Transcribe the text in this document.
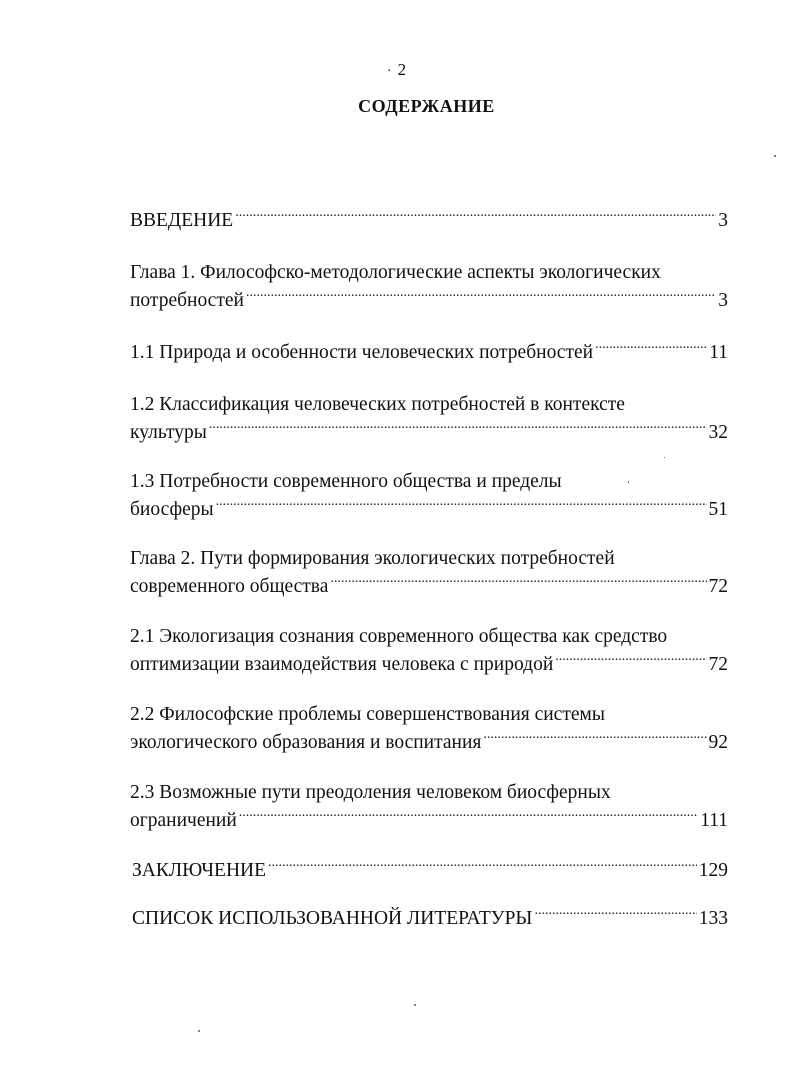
· 2
СОДЕРЖАНИЕ
ВВЕДЕНИЕ .....	3
Глава 1. Философско-методологические аспекты экологических
потребностей .....	3
1.1 Природа и особенности человеческих потребностей .....	11
1.2 Классификация человеческих потребностей в контексте
культуры .....	32
1.3 Потребности современного общества и пределы
биосферы .....	51
Глава 2. Пути формирования экологических потребностей
современного общества .....	72
2.1 Экологизация сознания современного общества как средство
оптимизации взаимодействия человека с природой .....	72
2.2 Философские проблемы совершенствования системы
экологического образования и воспитания .....	92
2.3 Возможные пути преодоления человеком биосферных
ограничений .....	111
ЗАКЛЮЧЕНИЕ .....	129
СПИСОК ИСПОЛЬЗОВАННОЙ ЛИТЕРАТУРЫ .....	133
